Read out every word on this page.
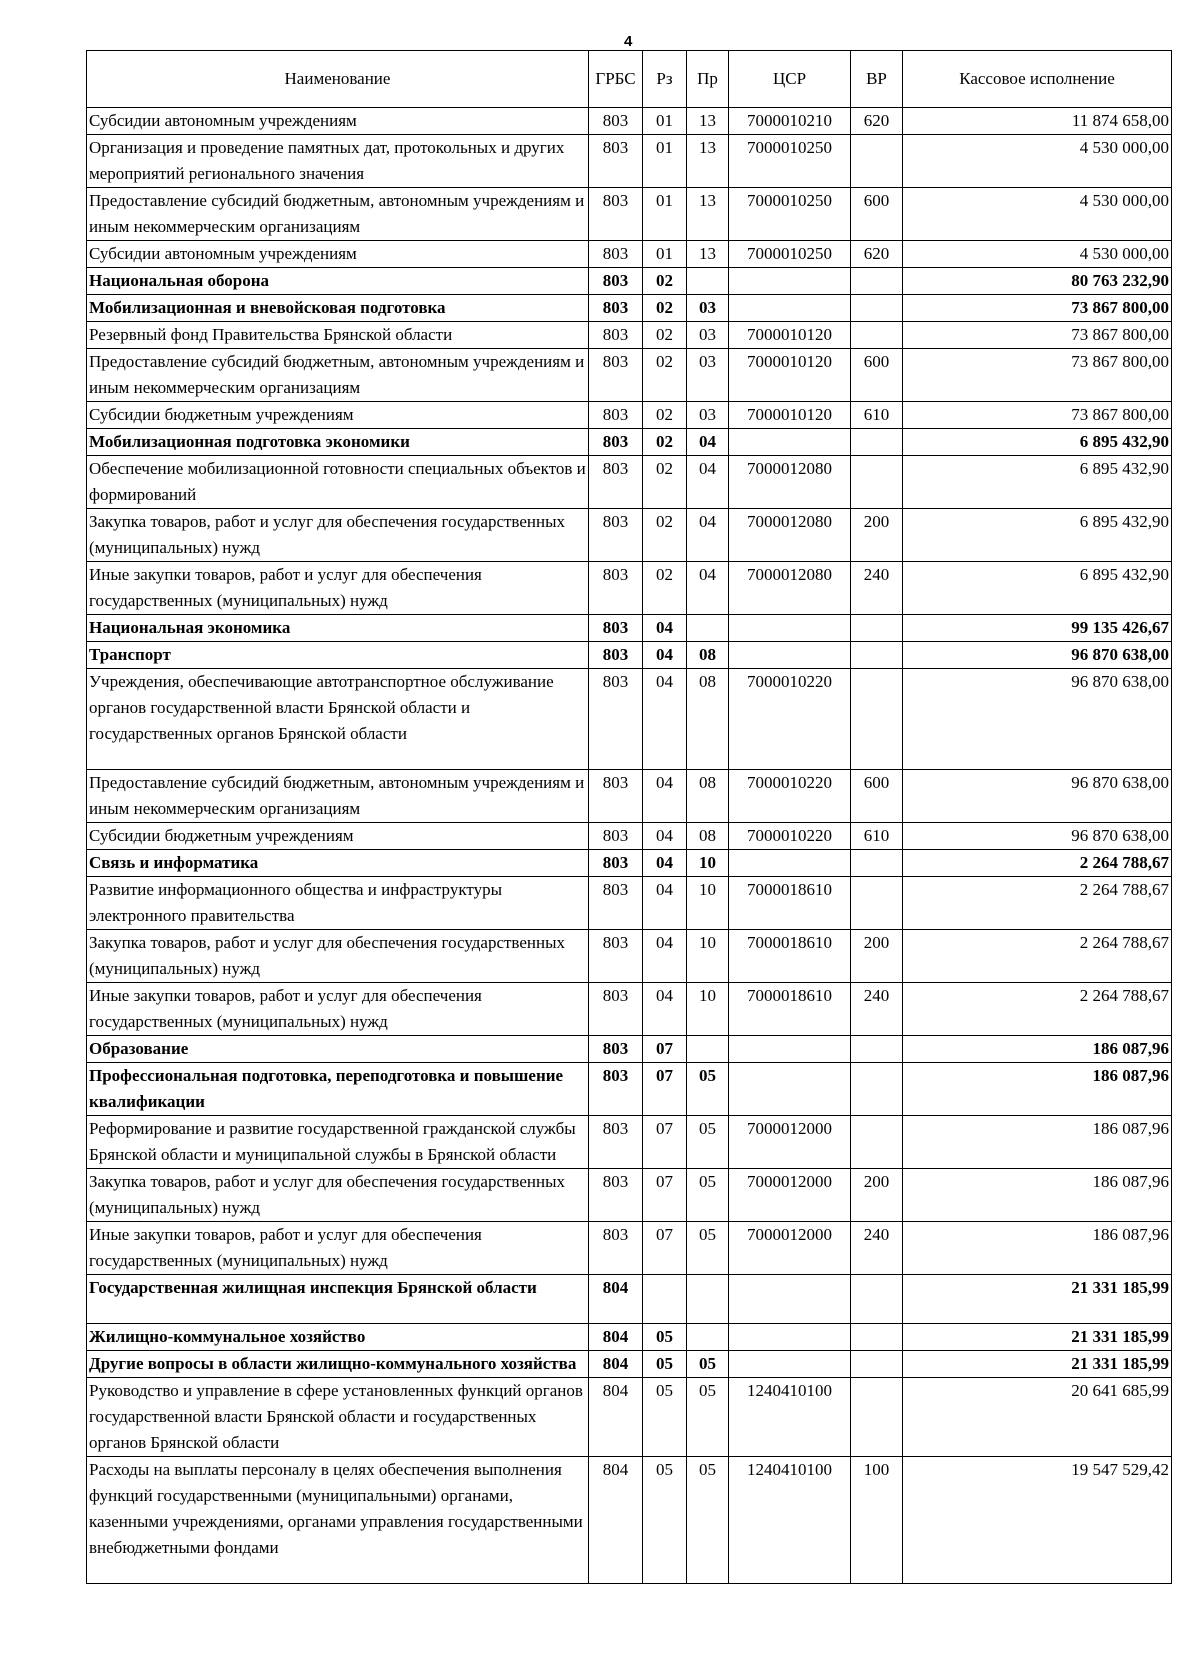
4
Наименование	ГРБС	Рз	Пр	ЦСР	ВР	Кассовое исполнение
Субсидии автономным учреждениям	803	01	13	7000010210	620	11 874 658,00
Организация и проведение памятных дат, протокольных и других мероприятий регионального значения	803	01	13	7000010250		4 530 000,00
Предоставление субсидий бюджетным, автономным учреждениям и иным некоммерческим организациям	803	01	13	7000010250	600	4 530 000,00
Субсидии автономным учреждениям	803	01	13	7000010250	620	4 530 000,00
Национальная оборона	803	02				80 763 232,90
Мобилизационная и вневойсковая подготовка	803	02	03			73 867 800,00
Резервный фонд Правительства Брянской области	803	02	03	7000010120		73 867 800,00
Предоставление субсидий бюджетным, автономным учреждениям и иным некоммерческим организациям	803	02	03	7000010120	600	73 867 800,00
Субсидии бюджетным учреждениям	803	02	03	7000010120	610	73 867 800,00
Мобилизационная подготовка экономики	803	02	04			6 895 432,90
Обеспечение мобилизационной готовности специальных объектов и формирований	803	02	04	7000012080		6 895 432,90
Закупка товаров, работ и услуг для обеспечения государственных (муниципальных) нужд	803	02	04	7000012080	200	6 895 432,90
Иные закупки товаров, работ и услуг для обеспечения государственных (муниципальных) нужд	803	02	04	7000012080	240	6 895 432,90
Национальная экономика	803	04				99 135 426,67
Транспорт	803	04	08			96 870 638,00
Учреждения, обеспечивающие автотранспортное обслуживание органов государственной власти Брянской области и государственных органов Брянской области	803	04	08	7000010220		96 870 638,00
Предоставление субсидий бюджетным, автономным учреждениям и иным некоммерческим организациям	803	04	08	7000010220	600	96 870 638,00
Субсидии бюджетным учреждениям	803	04	08	7000010220	610	96 870 638,00
Связь и информатика	803	04	10			2 264 788,67
Развитие информационного общества и инфраструктуры электронного правительства	803	04	10	7000018610		2 264 788,67
Закупка товаров, работ и услуг для обеспечения государственных (муниципальных) нужд	803	04	10	7000018610	200	2 264 788,67
Иные закупки товаров, работ и услуг для обеспечения государственных (муниципальных) нужд	803	04	10	7000018610	240	2 264 788,67
Образование	803	07				186 087,96
Профессиональная подготовка, переподготовка и повышение квалификации	803	07	05			186 087,96
Реформирование и развитие государственной гражданской службы Брянской области и муниципальной службы в Брянской области	803	07	05	7000012000		186 087,96
Закупка товаров, работ и услуг для обеспечения государственных (муниципальных) нужд	803	07	05	7000012000	200	186 087,96
Иные закупки товаров, работ и услуг для обеспечения государственных (муниципальных) нужд	803	07	05	7000012000	240	186 087,96
Государственная жилищная инспекция Брянской области	804					21 331 185,99
Жилищно-коммунальное хозяйство	804	05				21 331 185,99
Другие вопросы в области жилищно-коммунального хозяйства	804	05	05			21 331 185,99
Руководство и управление в сфере установленных функций органов государственной власти Брянской области и государственных органов Брянской области	804	05	05	1240410100		20 641 685,99
Расходы на выплаты персоналу в целях обеспечения выполнения функций государственными (муниципальными) органами, казенными учреждениями, органами управления государственными внебюджетными фондами	804	05	05	1240410100	100	19 547 529,42
